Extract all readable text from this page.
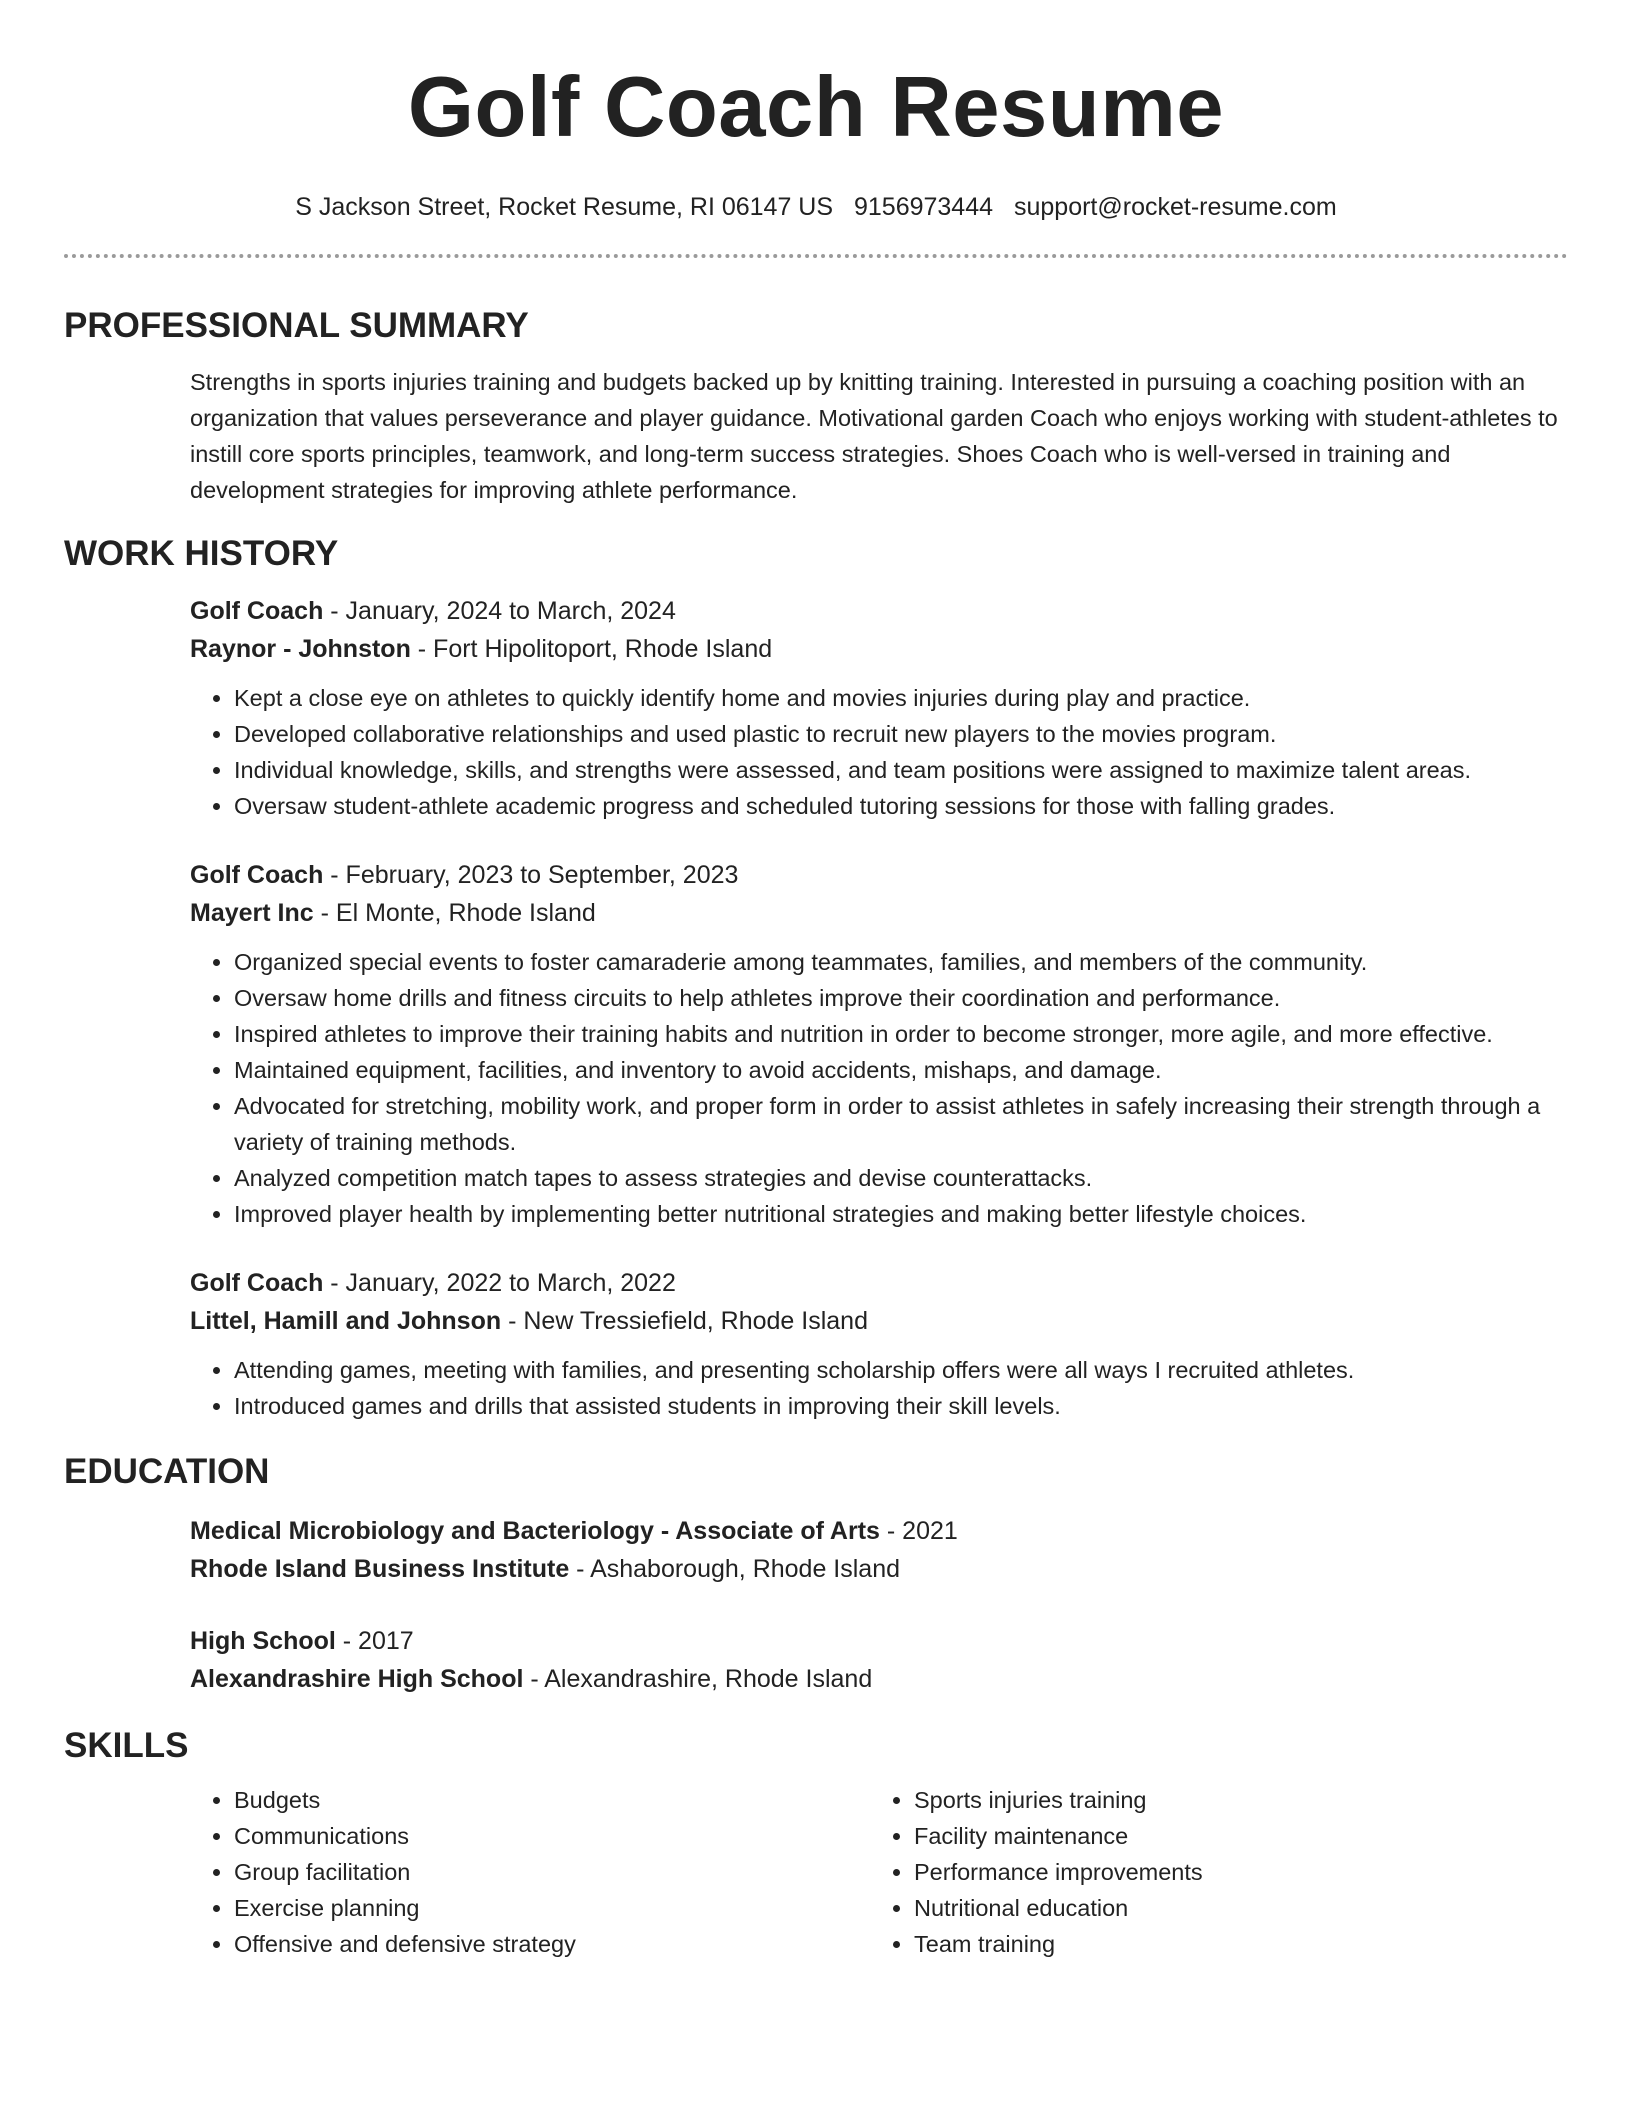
Golf Coach Resume
S Jackson Street, Rocket Resume, RI 06147 US 9156973444 support@rocket-resume.com
PROFESSIONAL SUMMARY

Strengths in sports injuries training and budgets backed up by knitting training. Interested in pursuing a coaching position with an organization that values perseverance and player guidance. Motivational garden Coach who enjoys working with student-athletes to instill core sports principles, teamwork, and long-term success strategies. Shoes Coach who is well-versed in training and development strategies for improving athlete performance.

WORK HISTORY

Golf Coach - January, 2024 to March, 2024

Raynor - Johnston - Fort Hipolitoport, Rhode Island

• Kept a close eye on athletes to quickly identify home and movies injuries during play and practice.
• Developed collaborative relationships and used plastic to recruit new players to the movies program.
• Individual knowledge, skills, and strengths were assessed, and team positions were assigned to maximize talent areas.
• Oversaw student-athlete academic progress and scheduled tutoring sessions for those with falling grades.

Golf Coach - February, 2023 to September, 2023

Mayert Inc - El Monte, Rhode Island

• Organized special events to foster camaraderie among teammates, families, and members of the community.
• Oversaw home drills and fitness circuits to help athletes improve their coordination and performance.
• Inspired athletes to improve their training habits and nutrition in order to become stronger, more agile, and more effective.
• Maintained equipment, facilities, and inventory to avoid accidents, mishaps, and damage.
• Advocated for stretching, mobility work, and proper form in order to assist athletes in safely increasing their strength through a variety of training methods.
• Analyzed competition match tapes to assess strategies and devise counterattacks.
• Improved player health by implementing better nutritional strategies and making better lifestyle choices.

Golf Coach - January, 2022 to March, 2022

Littel, Hamill and Johnson - New Tressiefield, Rhode Island

• Attending games, meeting with families, and presenting scholarship offers were all ways I recruited athletes.
• Introduced games and drills that assisted students in improving their skill levels.
EDUCATION

Medical Microbiology and Bacteriology - Associate of Arts - 2021

Rhode Island Business Institute - Ashaborough, Rhode Island

High School - 2017

Alexandrashire High School - Alexandrashire, Rhode Island

SKILLS
• Budgets
• Communications
• Group facilitation
• Exercise planning
• Offensive and defensive strategy
• Sports injuries training
• Facility maintenance
• Performance improvements
• Nutritional education
• Team training
